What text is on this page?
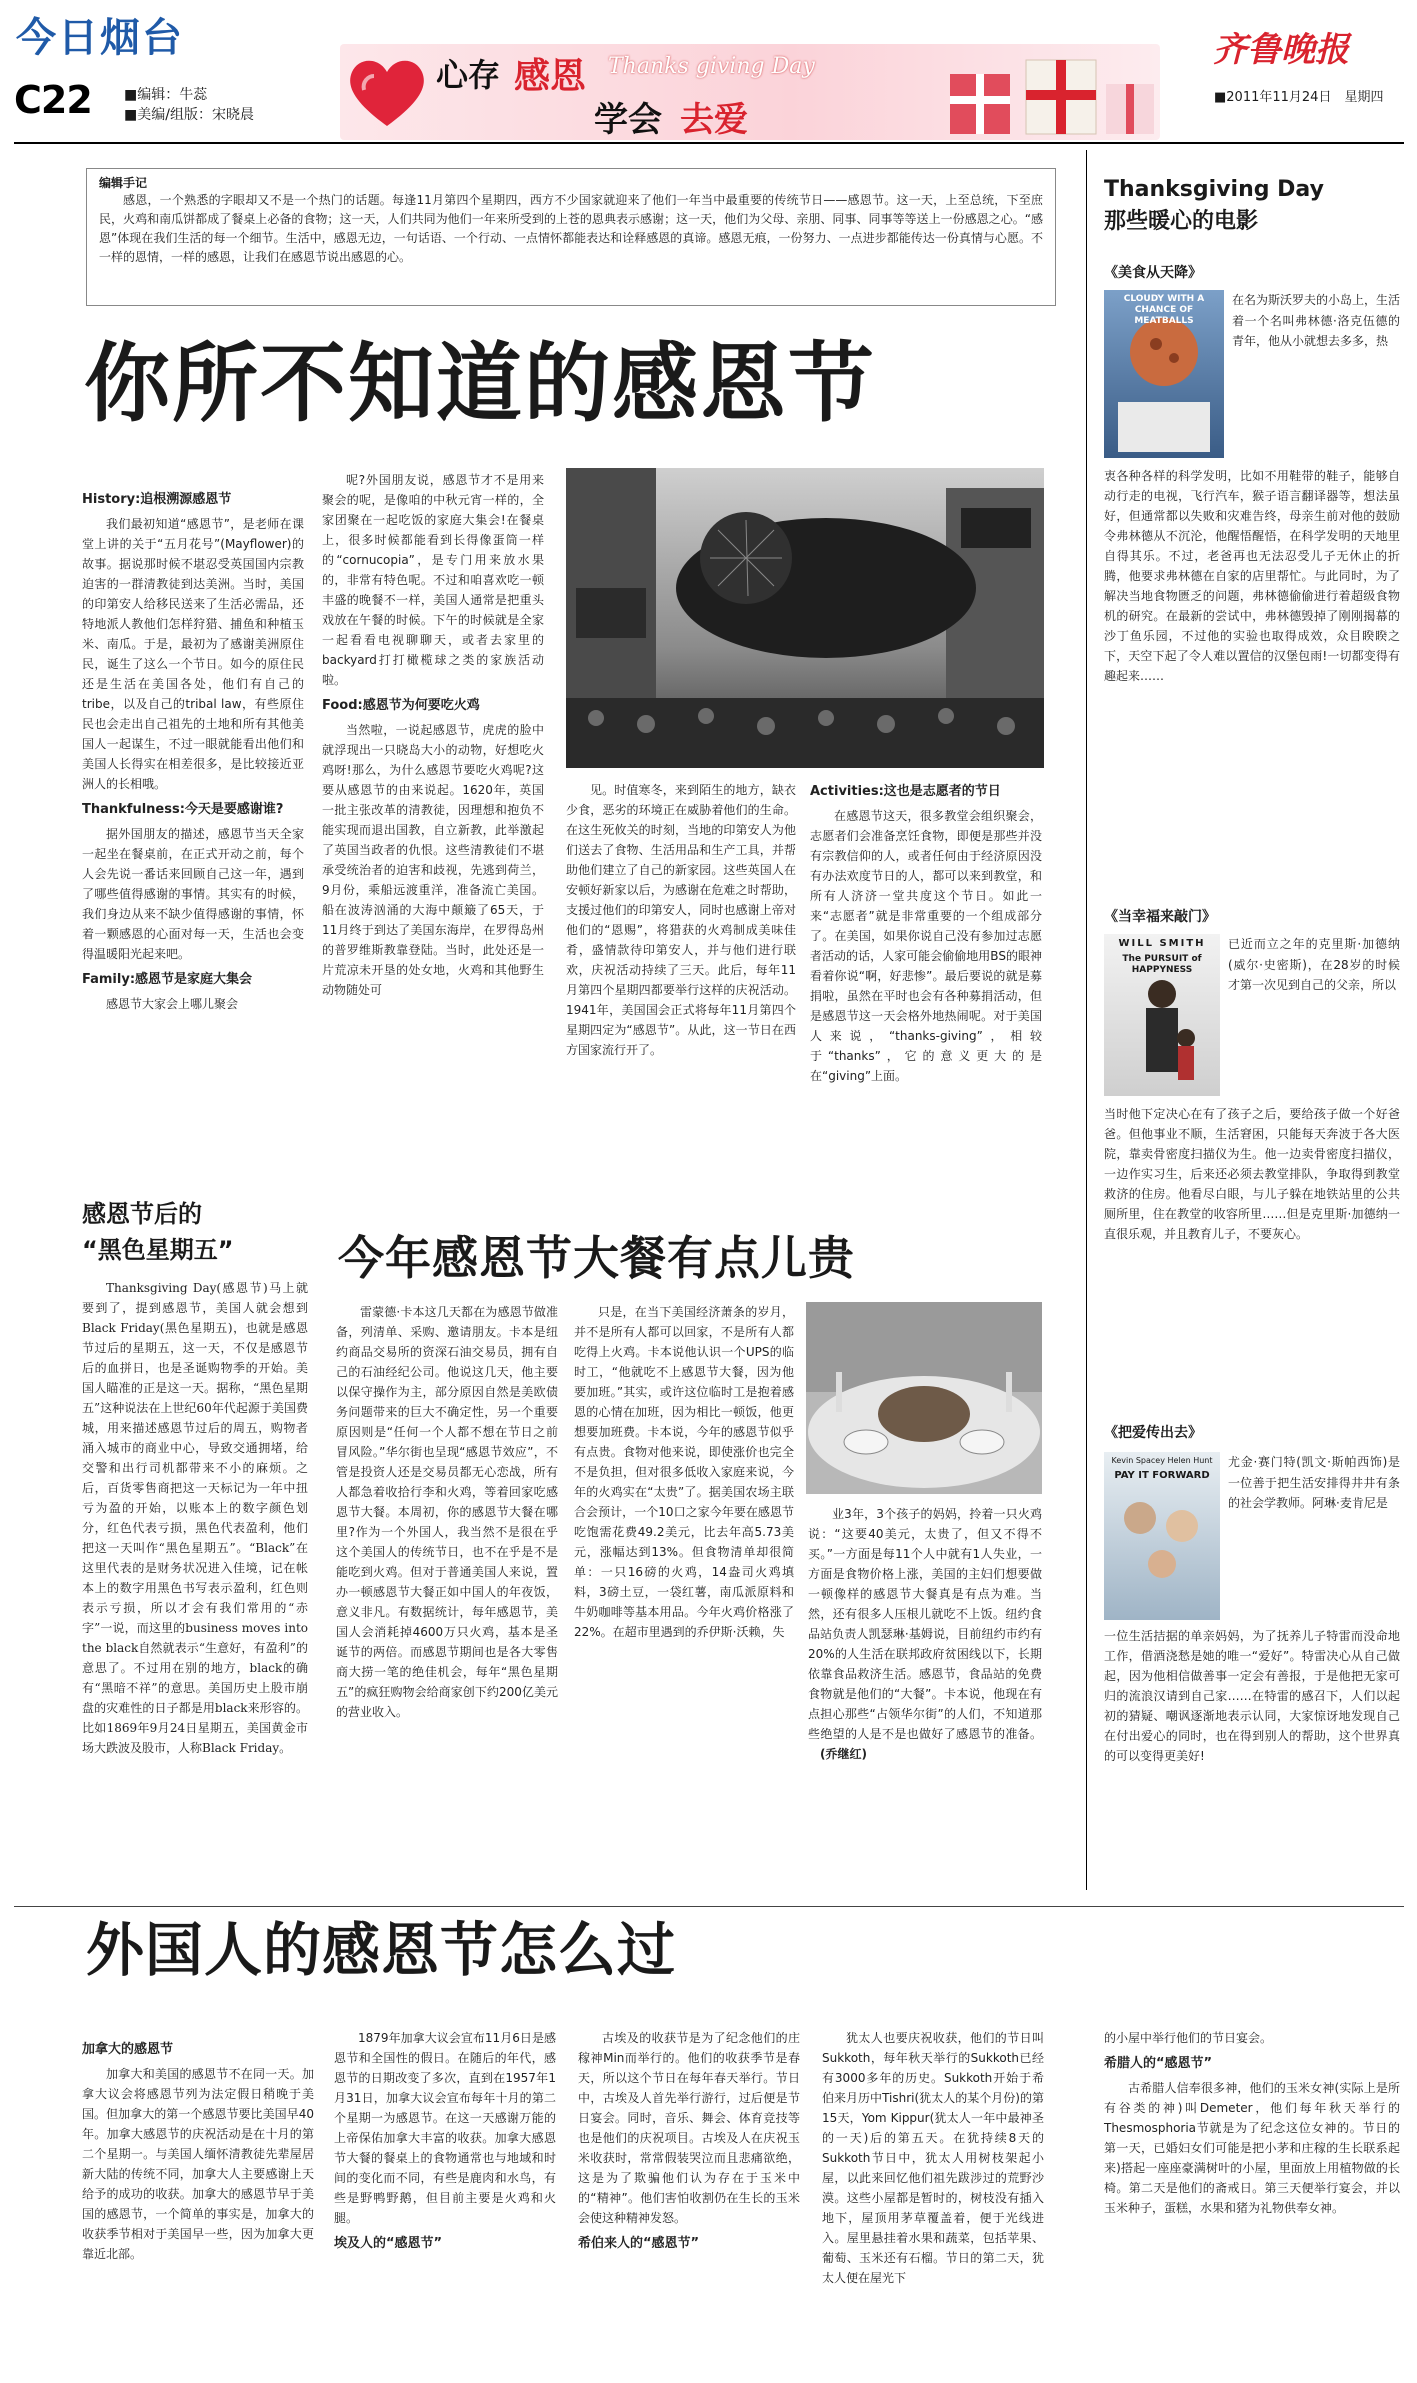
今日烟台
C22 ■编辑：牛蕊
■美编/组版：宋晓晨
心存 感恩 Thanks giving Day
学会 去爱
齐鲁晚报
■2011年11月24日　星期四
编辑手记
感恩，一个熟悉的字眼却又不是一个热门的话题。每逢11月第四个星期四，西方不少国家就迎来了他们一年当中最重要的传统节日——感恩节。这一天，上至总统，下至庶民，火鸡和南瓜饼都成了餐桌上必备的食物；这一天，人们共同为他们一年来所受到的上苍的恩典表示感谢；这一天，他们为父母、亲朋、同事、同事等等送上一份感恩之心。“感恩”体现在我们生活的每一个细节。生活中，感恩无边，一句话语、一个行动、一点情怀都能表达和诠释感恩的真谛。感恩无痕，一份努力、一点进步都能传达一份真情与心愿。不一样的恩情，一样的感恩，让我们在感恩节说出感恩的心。
你所不知道的感恩节
History:追根溯源感恩节
我们最初知道“感恩节”，是老师在课堂上讲的关于“五月花号”(Mayflower)的故事。据说那时候不堪忍受英国国内宗教迫害的一群清教徒到达美洲。当时，美国的印第安人给移民送来了生活必需品，还特地派人教他们怎样狩猎、捕鱼和种植玉米、南瓜。于是，最初为了感谢美洲原住民，诞生了这么一个节日。如今的原住民还是生活在美国各处，他们有自己的tribe，以及自己的tribal law，有些原住民也会走出自己祖先的土地和所有其他美国人一起谋生，不过一眼就能看出他们和美国人长得实在相差很多，是比较接近亚洲人的长相哦。
Thankfulness:今天是要感谢谁?
据外国朋友的描述，感恩节当天全家一起坐在餐桌前，在正式开动之前，每个人会先说一番话来回顾自己这一年，遇到了哪些值得感谢的事情。其实有的时候，我们身边从来不缺少值得感谢的事情，怀着一颗感恩的心面对每一天，生活也会变得温暖阳光起来吧。
Family:感恩节是家庭大集会
感恩节大家会上哪儿聚会
呢?外国朋友说，感恩节才不是用来聚会的呢，是像咱的中秋元宵一样的，全家团聚在一起吃饭的家庭大集会!在餐桌上，很多时候都能看到长得像蛋筒一样的“cornucopia”，是专门用来放水果的，非常有特色呢。不过和咱喜欢吃一顿丰盛的晚餐不一样，美国人通常是把重头戏放在午餐的时候。下午的时候就是全家一起看看电视聊聊天，或者去家里的backyard打打橄榄球之类的家族活动啦。
Food:感恩节为何要吃火鸡
当然啦，一说起感恩节，虎虎的脸中就浮现出一只晓岛大小的动物，好想吃火鸡呀!那么，为什么感恩节要吃火鸡呢?这要从感恩节的由来说起。1620年，英国一批主张改革的清教徒，因理想和抱负不能实现而退出国教，自立新教，此举激起了英国当政者的仇恨。这些清教徒们不堪承受统治者的迫害和歧视，先逃到荷兰，9月份，乘船远渡重洋，准备流亡美国。船在波涛汹涌的大海中颠簸了65天，于11月终于到达了美国东海岸，在罗得岛州的普罗维斯教靠登陆。当时，此处还是一片荒凉未开垦的处女地，火鸡和其他野生动物随处可
见。时值寒冬，来到陌生的地方，缺衣少食，恶劣的环境正在威胁着他们的生命。在这生死攸关的时刻，当地的印第安人为他们送去了食物、生活用品和生产工具，并帮助他们建立了自己的新家园。这些英国人在安顿好新家以后，为感谢在危难之时帮助，支援过他们的印第安人，同时也感谢上帝对他们的“恩赐”，将猎获的火鸡制成美味佳肴，盛情款待印第安人，并与他们进行联欢，庆祝活动持续了三天。此后，每年11月第四个星期四都要举行这样的庆祝活动。1941年，美国国会正式将每年11月第四个星期四定为“感恩节”。从此，这一节日在西方国家流行开了。
Activities:这也是志愿者的节日
在感恩节这天，很多教堂会组织聚会，志愿者们会准备烹饪食物，即便是那些并没有宗教信仰的人，或者任何由于经济原因没有办法欢度节日的人，都可以来到教堂，和所有人济济一堂共度这个节日。如此一来“志愿者”就是非常重要的一个组成部分了。在美国，如果你说自己没有参加过志愿者活动的话，人家可能会偷偷地用BS的眼神看着你说“啊，好悲惨”。最后要说的就是募捐啦，虽然在平时也会有各种募捐活动，但是感恩节这一天会格外地热闹呢。对于美国人来说，“thanks-giving”，相较于“thanks”，它的意义更大的是在“giving”上面。
感恩节后的
“黑色星期五”
Thanksgiving Day(感恩节)马上就要到了，提到感恩节，美国人就会想到Black Friday(黑色星期五)，也就是感恩节过后的星期五，这一天，不仅是感恩节后的血拼日，也是圣诞购物季的开始。美国人瞄准的正是这一天。据称，“黑色星期五”这种说法在上世纪60年代起源于美国费城，用来描述感恩节过后的周五，购物者涌入城市的商业中心，导致交通拥堵，给交警和出行司机都带来不小的麻烦。之后，百货零售商把这一天标记为一年中扭亏为盈的开始，以账本上的数字颜色划分，红色代表亏损，黑色代表盈利，他们把这一天叫作“黑色星期五”。“Black”在这里代表的是财务状况进入佳境，记在帐本上的数字用黑色书写表示盈利，红色则表示亏损，所以才会有我们常用的“赤字”一说，而这里的business moves into the black自然就表示“生意好，有盈利”的意思了。不过用在别的地方，black的确有“黑暗不祥”的意思。美国历史上股市崩盘的灾难性的日子都是用black来形容的。比如1869年9月24日星期五，美国黄金市场大跌波及股市，人称Black Friday。
今年感恩节大餐有点儿贵
雷蒙德·卡本这几天都在为感恩节做准备，列清单、采购、邀请朋友。卡本是纽约商品交易所的资深石油交易员，拥有自己的石油经纪公司。他说这几天，他主要以保守操作为主，部分原因自然是美欧债务问题带来的巨大不确定性，另一个重要原因则是“任何一个人都不想在节日之前冒风险。”华尔街也呈现“感恩节效应”，不管是投资人还是交易员都无心恋战，所有人都急着收拾行李和火鸡，等着回家吃感恩节大餐。本周初，你的感恩节大餐在哪里?作为一个外国人，我当然不是很在乎这个美国人的传统节日，也不在乎是不是能吃到火鸡。但对于普通美国人来说，置办一顿感恩节大餐正如中国人的年夜饭，意义非凡。有数据统计，每年感恩节，美国人会消耗掉4600万只火鸡，基本是圣诞节的两倍。而感恩节期间也是各大零售商大捞一笔的绝佳机会，每年“黑色星期五”的疯狂购物会给商家创下约200亿美元的营业收入。
只是，在当下美国经济萧条的岁月，并不是所有人都可以回家，不是所有人都吃得上火鸡。卡本说他认识一个UPS的临时工，“他就吃不上感恩节大餐，因为他要加班。”其实，或许这位临时工是抱着感恩的心情在加班，因为相比一顿饭，他更想要加班费。卡本说，今年的感恩节似乎有点贵。食物对他来说，即使涨价也完全不是负担，但对很多低收入家庭来说，今年的火鸡实在“太贵”了。据美国农场主联合会预计，一个10口之家今年要在感恩节吃饱需花费49.2美元，比去年高5.73美元，涨幅达到13%。但食物清单却很简单：一只16磅的火鸡，14盎司火鸡填料，3磅土豆，一袋红薯，南瓜派原料和牛奶咖啡等基本用品。今年火鸡价格涨了22%。在超市里遇到的乔伊斯·沃赖，失
业3年，3个孩子的妈妈，拎着一只火鸡说：“这要40美元，太贵了，但又不得不买。”一方面是每11个人中就有1人失业，一方面是食物价格上涨，美国的主妇们想要做一顿像样的感恩节大餐真是有点为难。当然，还有很多人压根儿就吃不上饭。纽约食品站负责人凯瑟琳·基姆说，目前纽约市约有20%的人生活在联邦政府贫困线以下，长期依靠食品救济生活。感恩节，食品站的免费食物就是他们的“大餐”。卡本说，他现在有点担心那些“占领华尔街”的人们，不知道那些绝望的人是不是也做好了感恩节的准备。 (乔继红)
Thanksgiving Day
那些暖心的电影
《美食从天降》
CLOUDY WITH A CHANCE OF MEATBALLS
在名为斯沃罗夫的小岛上，生活着一个名叫弗林德·洛克伍德的青年，他从小就想去多多，热
衷各种各样的科学发明，比如不用鞋带的鞋子，能够自动行走的电视，飞行汽车，猴子语言翻译器等，想法虽好，但通常都以失败和灾难告终，母亲生前对他的鼓励令弗林德从不沉沦，他醒悟醒悟，在科学发明的天地里自得其乐。不过，老爸再也无法忍受儿子无休止的折腾，他要求弗林德在自家的店里帮忙。与此同时，为了解决当地食物匮乏的问题，弗林德偷偷进行着超级食物机的研究。在最新的尝试中，弗林德毁掉了刚刚揭幕的沙丁鱼乐园，不过他的实验也取得成效，众目睽睽之下，天空下起了令人难以置信的汉堡包雨!一切都变得有趣起来……
《当幸福来敲门》
WILL SMITH
The PURSUIT of HAPPYNESS
已近而立之年的克里斯·加德纳(威尔·史密斯)，在28岁的时候才第一次见到自己的父亲，所以
当时他下定决心在有了孩子之后，要给孩子做一个好爸爸。但他事业不顺，生活窘困，只能每天奔波于各大医院，靠卖骨密度扫描仪为生。他一边卖骨密度扫描仪，一边作实习生，后来还必须去教堂排队，争取得到教堂救济的住房。他看尽白眼，与儿子躲在地铁站里的公共厕所里，住在教堂的收容所里……但是克里斯·加德纳一直很乐观，并且教育儿子，不要灰心。
《把爱传出去》
Kevin Spacey Helen Hunt
PAY IT FORWARD
尤金·赛门特(凯文·斯帕西饰)是一位善于把生活安排得井井有条的社会学教师。阿琳·麦肯尼是
一位生活拮据的单亲妈妈，为了抚养儿子特雷而没命地工作，借酒浇愁是她的唯一“爱好”。特雷决心从自己做起，因为他相信做善事一定会有善报，于是他把无家可归的流浪汉请到自己家……在特雷的感召下，人们以起初的猜疑、嘲讽逐渐地表示认同，大家惊讶地发现自己在付出爱心的同时，也在得到别人的帮助，这个世界真的可以变得更美好!
外国人的感恩节怎么过
加拿大的感恩节
加拿大和美国的感恩节不在同一天。加拿大议会将感恩节列为法定假日稍晚于美国。但加拿大的第一个感恩节要比美国早40年。加拿大感恩节的庆祝活动是在十月的第二个星期一。与美国人缅怀清教徒先辈屋居新大陆的传统不同，加拿大人主要感谢上天给予的成功的收获。加拿大的感恩节早于美国的感恩节，一个简单的事实是，加拿大的收获季节相对于美国早一些，因为加拿大更靠近北部。
1879年加拿大议会宣布11月6日是感恩节和全国性的假日。在随后的年代，感恩节的日期改变了多次，直到在1957年1月31日，加拿大议会宣布每年十月的第二个星期一为感恩节。在这一天感谢万能的上帝保佑加拿大丰富的收获。加拿大感恩节大餐的餐桌上的食物通常也与地域和时间的变化而不同，有些是鹿肉和水鸟，有些是野鸭野鹅，但目前主要是火鸡和火腿。
埃及人的“感恩节”
古埃及的收获节是为了纪念他们的庄稼神Min而举行的。他们的收获季节是春天，所以这个节日在每年春天举行。节日中，古埃及人首先举行游行，过后便是节日宴会。同时，音乐、舞会、体育竞技等也是他们的庆祝项目。古埃及人在庆祝玉米收获时，常常假装哭泣而且悲痛欲绝，这是为了欺骗他们认为存在于玉米中的“精神”。他们害怕收割仍在生长的玉米会使这种精神发怒。
希伯来人的“感恩节”
犹太人也要庆祝收获，他们的节日叫Sukkoth，每年秋天举行的Sukkoth已经有3000多年的历史。Sukkoth开始于希伯来月历中Tishri(犹太人的某个月份)的第15天，Yom Kippur(犹太人一年中最神圣的一天)后的第五天。在犹持续8天的Sukkoth节日中，犹太人用树枝架起小屋，以此来回忆他们祖先跋涉过的荒野沙漠。这些小屋都是暂时的，树枝没有插入地下，屋顶用茅草覆盖着，便于光线进入。屋里悬挂着水果和蔬菜，包括苹果、葡萄、玉米还有石榴。节日的第二天，犹太人便在屋光下
的小屋中举行他们的节日宴会。
希腊人的“感恩节”
古希腊人信奉很多神，他们的玉米女神(实际上是所有谷类的神)叫Demeter，他们每年秋天举行的Thesmosphoria节就是为了纪念这位女神的。节日的第一天，已婚妇女们可能是把小茅和庄稼的生长联系起来)搭起一座座豪满树叶的小屋，里面放上用植物做的长椅。第二天是他们的斋戒日。第三天便举行宴会，并以玉米种子，蛋糕，水果和猪为礼物供奉女神。
